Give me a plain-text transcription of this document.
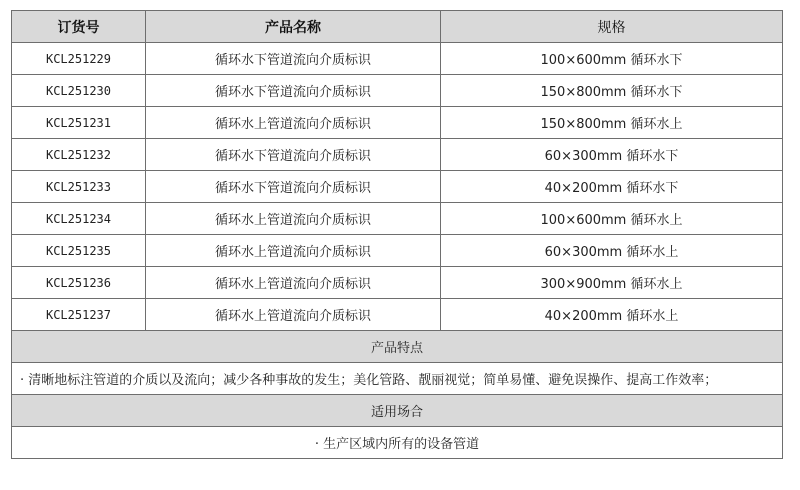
订货号	产品名称	规格
KCL251229	循环水下管道流向介质标识	100×600mm 循环水下
KCL251230	循环水下管道流向介质标识	150×800mm 循环水下
KCL251231	循环水上管道流向介质标识	150×800mm 循环水上
KCL251232	循环水下管道流向介质标识	60×300mm 循环水下
KCL251233	循环水下管道流向介质标识	40×200mm 循环水下
KCL251234	循环水上管道流向介质标识	100×600mm 循环水上
KCL251235	循环水上管道流向介质标识	60×300mm 循环水上
KCL251236	循环水上管道流向介质标识	300×900mm 循环水上
KCL251237	循环水上管道流向介质标识	40×200mm 循环水上
产品特点		
· 清晰地标注管道的介质以及流向；减少各种事故的发生；美化管路、靓丽视觉；简单易懂、避免误操作、提高工作效率；		
适用场合		
· 生产区域内所有的设备管道		
